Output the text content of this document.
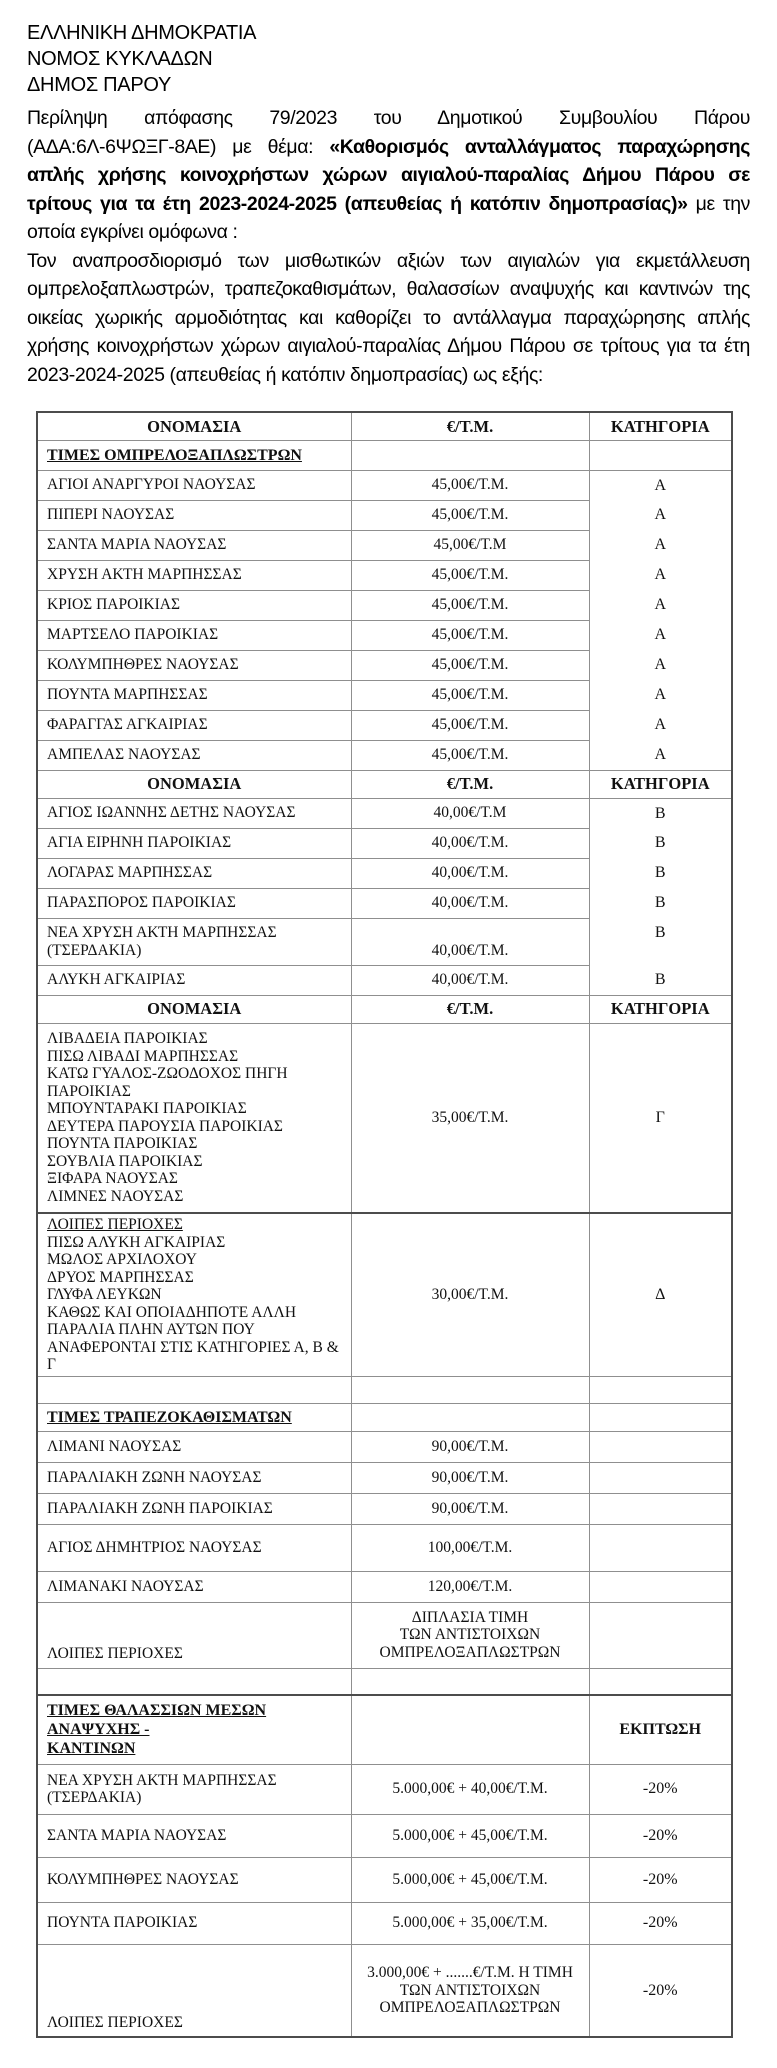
ΕΛΛΗΝΙΚΗ ΔΗΜΟΚΡΑΤΙΑ
ΝΟΜΟΣ ΚΥΚΛΑΔΩΝ
ΔΗΜΟΣ ΠΑΡΟΥ

Περίληψη απόφασης 79/2023 του Δημοτικού Συμβουλίου Πάρου (ΑΔΑ:6Λ-6ΨΩΞΓ-8ΑΕ) με θέμα: «Καθορισμός ανταλλάγματος παραχώρησης απλής χρήσης κοινοχρήστων χώρων αιγιαλού-παραλίας Δήμου Πάρου σε τρίτους για τα έτη 2023-2024-2025 (απευθείας ή κατόπιν δημοπρασίας)» με την οποία εγκρίνει ομόφωνα :

Τον αναπροσδιορισμό των μισθωτικών αξιών των αιγιαλών για εκμετάλλευση ομπρελοξαπλωστρών, τραπεζοκαθισμάτων, θαλασσίων αναψυχής και καντινών της οικείας χωρικής αρμοδιότητας και καθορίζει το αντάλλαγμα παραχώρησης απλής χρήσης κοινοχρήστων χώρων αιγιαλού-παραλίας Δήμου Πάρου σε τρίτους για τα έτη 2023-2024-2025 (απευθείας ή κατόπιν δημοπρασίας) ως εξής:

ΟΝΟΜΑΣΙΑ	€/Τ.Μ.	ΚΑΤΗΓΟΡΙΑ

ΤΙΜΕΣ ΟΜΠΡΕΛΟΞΑΠΛΩΣΤΡΩΝ		

ΑΓΙΟΙ ΑΝΑΡΓΥΡΟΙ ΝΑΟΥΣΑΣ	45,00€/Τ.Μ.	Α

ΠΙΠΕΡΙ ΝΑΟΥΣΑΣ	45,00€/Τ.Μ.	Α

ΣΑΝΤΑ ΜΑΡΙΑ ΝΑΟΥΣΑΣ	45,00€/Τ.Μ	Α

ΧΡΥΣΗ ΑΚΤΗ ΜΑΡΠΗΣΣΑΣ	45,00€/Τ.Μ.	Α

ΚΡΙΟΣ ΠΑΡΟΙΚΙΑΣ	45,00€/Τ.Μ.	Α

ΜΑΡΤΣΕΛΟ ΠΑΡΟΙΚΙΑΣ	45,00€/Τ.Μ.	Α

ΚΟΛΥΜΠΗΘΡΕΣ ΝΑΟΥΣΑΣ	45,00€/Τ.Μ.	Α

ΠΟΥΝΤΑ ΜΑΡΠΗΣΣΑΣ	45,00€/Τ.Μ.	Α

ΦΑΡΑΓΓΑΣ ΑΓΚΑΙΡΙΑΣ	45,00€/Τ.Μ.	Α

ΑΜΠΕΛΑΣ ΝΑΟΥΣΑΣ	45,00€/Τ.Μ.	Α
ΟΝΟΜΑΣΙΑ	€/Τ.Μ.	ΚΑΤΗΓΟΡΙΑ

ΑΓΙΟΣ ΙΩΑΝΝΗΣ ΔΕΤΗΣ ΝΑΟΥΣΑΣ	40,00€/Τ.Μ	Β

ΑΓΙΑ ΕΙΡΗΝΗ ΠΑΡΟΙΚΙΑΣ	40,00€/Τ.Μ.	Β

ΛΟΓΑΡΑΣ ΜΑΡΠΗΣΣΑΣ	40,00€/Τ.Μ.	Β

ΠΑΡΑΣΠΟΡΟΣ ΠΑΡΟΙΚΙΑΣ	40,00€/Τ.Μ.	Β

ΝΕΑ ΧΡΥΣΗ ΑΚΤΗ ΜΑΡΠΗΣΣΑΣ
(ΤΣΕΡΔΑΚΙΑ)	40,00€/Τ.Μ.	Β

ΑΛΥΚΗ ΑΓΚΑΙΡΙΑΣ	40,00€/Τ.Μ.	Β
ΟΝΟΜΑΣΙΑ	€/Τ.Μ.	ΚΑΤΗΓΟΡΙΑ

ΛΙΒΑΔΕΙΑ ΠΑΡΟΙΚΙΑΣ
ΠΙΣΩ ΛΙΒΑΔΙ ΜΑΡΠΗΣΣΑΣ
ΚΑΤΩ ΓΥΑΛΟΣ-ΖΩΟΔΟΧΟΣ ΠΗΓΗ
ΠΑΡΟΙΚΙΑΣ
ΜΠΟΥΝΤΑΡΑΚΙ ΠΑΡΟΙΚΙΑΣ
ΔΕΥΤΕΡΑ ΠΑΡΟΥΣΙΑ ΠΑΡΟΙΚΙΑΣ
ΠΟΥΝΤΑ ΠΑΡΟΙΚΙΑΣ
ΣΟΥΒΛΙΑ ΠΑΡΟΙΚΙΑΣ
ΞΙΦΑΡΑ ΝΑΟΥΣΑΣ
ΛΙΜΝΕΣ ΝΑΟΥΣΑΣ

35,00€/Τ.Μ.	Γ

ΛΟΙΠΕΣ ΠΕΡΙΟΧΕΣ
ΠΙΣΩ ΑΛΥΚΗ ΑΓΚΑΙΡΙΑΣ
ΜΩΛΟΣ ΑΡΧΙΛΟΧΟΥ
ΔΡΥΟΣ ΜΑΡΠΗΣΣΑΣ
ΓΛΥΦΑ ΛΕΥΚΩΝ
ΚΑΘΩΣ ΚΑΙ ΟΠΟΙΑΔΗΠΟΤΕ ΑΛΛΗ
ΠΑΡΑΛΙΑ ΠΛΗΝ ΑΥΤΩΝ ΠΟΥ
ΑΝΑΦΕΡΟΝΤΑΙ ΣΤΙΣ ΚΑΤΗΓΟΡΙΕΣ Α, Β & Γ

30,00€/Τ.Μ.	Δ

ΤΙΜΕΣ ΤΡΑΠΕΖΟΚΑΘΙΣΜΑΤΩΝ		

ΛΙΜΑΝΙ ΝΑΟΥΣΑΣ	90,00€/Τ.Μ.	

ΠΑΡΑΛΙΑΚΗ ΖΩΝΗ ΝΑΟΥΣΑΣ	90,00€/Τ.Μ.	

ΠΑΡΑΛΙΑΚΗ ΖΩΝΗ ΠΑΡΟΙΚΙΑΣ	90,00€/Τ.Μ.	

ΑΓΙΟΣ ΔΗΜΗΤΡΙΟΣ ΝΑΟΥΣΑΣ	100,00€/Τ.Μ.	

ΛΙΜΑΝΑΚΙ ΝΑΟΥΣΑΣ	120,00€/Τ.Μ.	

ΛΟΙΠΕΣ ΠΕΡΙΟΧΕΣ	ΔΙΠΛΑΣΙΑ ΤΙΜΗ
ΤΩΝ ΑΝΤΙΣΤΟΙΧΩΝ
ΟΜΠΡΕΛΟΞΑΠΛΩΣΤΡΩΝ	

ΤΙΜΕΣ ΘΑΛΑΣΣΙΩΝ ΜΕΣΩΝ ΑΝΑΨΥΧΗΣ -
ΚΑΝΤΙΝΩΝ		ΕΚΠΤΩΣΗ

ΝΕΑ ΧΡΥΣΗ ΑΚΤΗ ΜΑΡΠΗΣΣΑΣ
(ΤΣΕΡΔΑΚΙΑ)	5.000,00€ + 40,00€/Τ.Μ.	-20%

ΣΑΝΤΑ ΜΑΡΙΑ ΝΑΟΥΣΑΣ	5.000,00€ + 45,00€/Τ.Μ.	-20%

ΚΟΛΥΜΠΗΘΡΕΣ ΝΑΟΥΣΑΣ	5.000,00€ + 45,00€/Τ.Μ.	-20%

ΠΟΥΝΤΑ ΠΑΡΟΙΚΙΑΣ	5.000,00€ + 35,00€/Τ.Μ.	-20%

ΛΟΙΠΕΣ ΠΕΡΙΟΧΕΣ	3.000,00€ + .......€/Τ.Μ. Η ΤΙΜΗ
ΤΩΝ ΑΝΤΙΣΤΟΙΧΩΝ
ΟΜΠΡΕΛΟΞΑΠΛΩΣΤΡΩΝ	-20%
